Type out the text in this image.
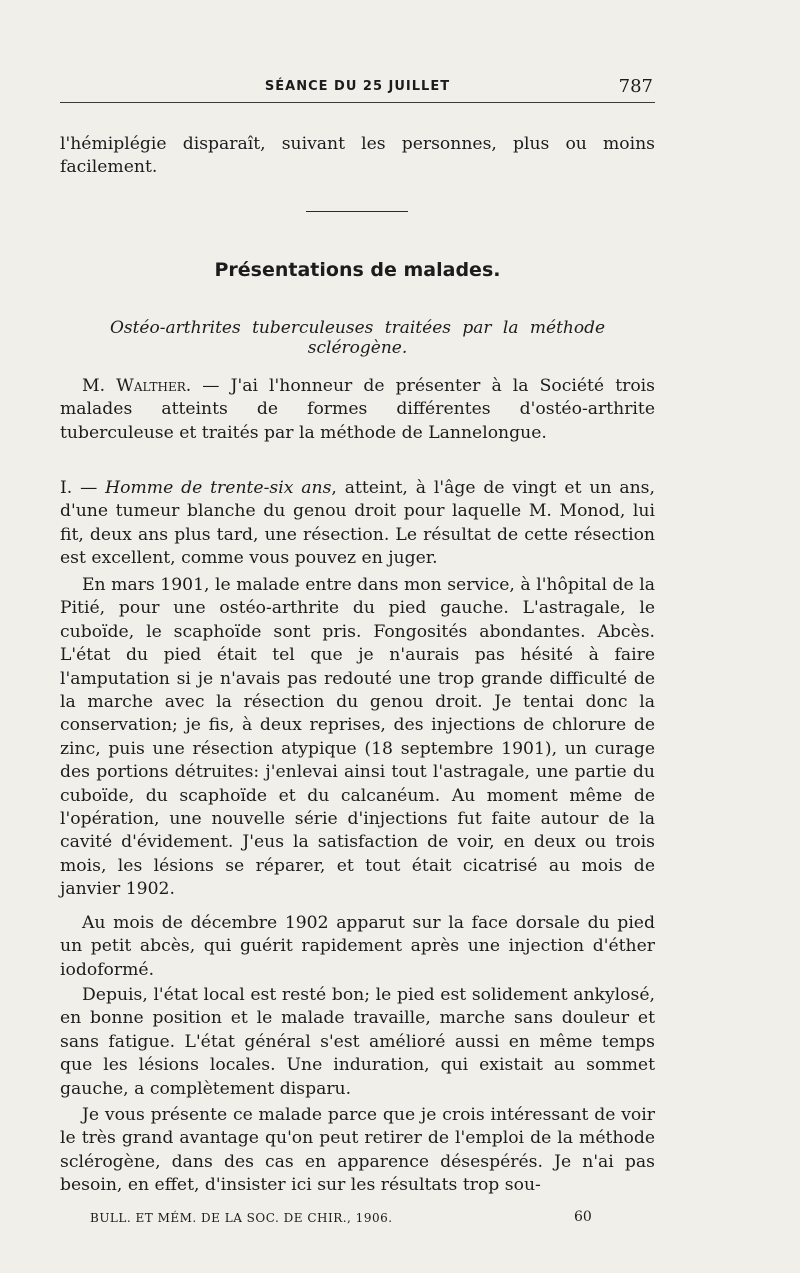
SÉANCE DU 25 JUILLET	787

l'hémiplégie disparaît, suivant les personnes, plus ou moins facilement.

Présentations de malades.

Ostéo-arthrites tuberculeuses traitées par la méthode sclérogène.

M. Walther. — J'ai l'honneur de présenter à la Société trois malades atteints de formes différentes d'ostéo-arthrite tuberculeuse et traités par la méthode de Lannelongue.

I. — Homme de trente-six ans, atteint, à l'âge de vingt et un ans, d'une tumeur blanche du genou droit pour laquelle M. Monod, lui fit, deux ans plus tard, une résection. Le résultat de cette résection est excellent, comme vous pouvez en juger.

En mars 1901, le malade entre dans mon service, à l'hôpital de la Pitié, pour une ostéo-arthrite du pied gauche. L'astragale, le cuboïde, le scaphoïde sont pris. Fongosités abondantes. Abcès. L'état du pied était tel que je n'aurais pas hésité à faire l'amputation si je n'avais pas redouté une trop grande difficulté de la marche avec la résection du genou droit. Je tentai donc la conservation; je fis, à deux reprises, des injections de chlorure de zinc, puis une résection atypique (18 septembre 1901), un curage des portions détruites: j'enlevai ainsi tout l'astragale, une partie du cuboïde, du scaphoïde et du calcanéum. Au moment même de l'opération, une nouvelle série d'injections fut faite autour de la cavité d'évidement. J'eus la satisfaction de voir, en deux ou trois mois, les lésions se réparer, et tout était cicatrisé au mois de janvier 1902.

Au mois de décembre 1902 apparut sur la face dorsale du pied un petit abcès, qui guérit rapidement après une injection d'éther iodoformé.

Depuis, l'état local est resté bon; le pied est solidement ankylosé, en bonne position et le malade travaille, marche sans douleur et sans fatigue. L'état général s'est amélioré aussi en même temps que les lésions locales. Une induration, qui existait au sommet gauche, a complètement disparu.

Je vous présente ce malade parce que je crois intéressant de voir le très grand avantage qu'on peut retirer de l'emploi de la méthode sclérogène, dans des cas en apparence désespérés. Je n'ai pas besoin, en effet, d'insister ici sur les résultats trop sou-

BULL. ET MÉM. DE LA SOC. DE CHIR., 1906.	60
